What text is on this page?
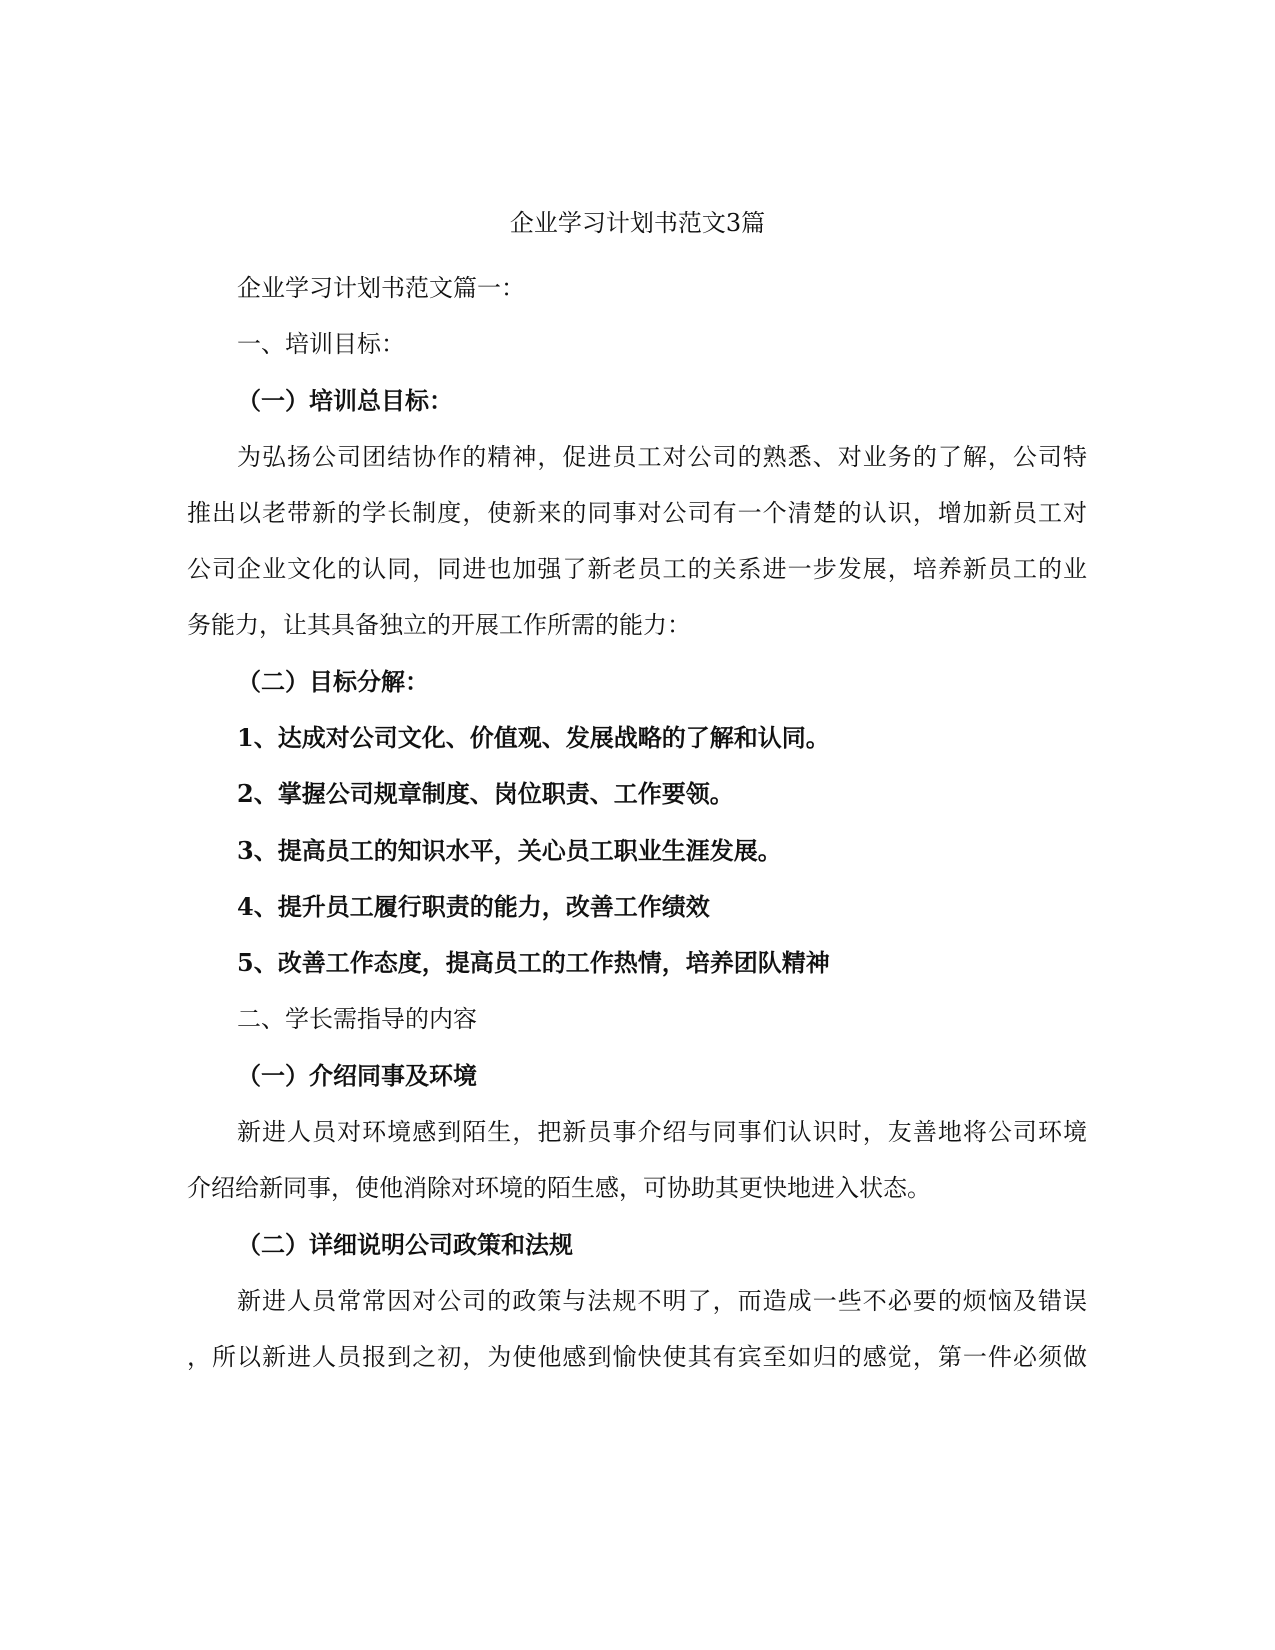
企业学习计划书范文3篇

企业学习计划书范文篇一：

一、培训目标：

（一）培训总目标：

为弘扬公司团结协作的精神，促进员工对公司的熟悉、对业务的了解，公司特

推出以老带新的学长制度，使新来的同事对公司有一个清楚的认识，增加新员工对

公司企业文化的认同，同进也加强了新老员工的关系进一步发展，培养新员工的业

务能力，让其具备独立的开展工作所需的能力：

（二）目标分解：

1、达成对公司文化、价值观、发展战略的了解和认同。

2、掌握公司规章制度、岗位职责、工作要领。

3、提高员工的知识水平，关心员工职业生涯发展。

4、提升员工履行职责的能力，改善工作绩效

5、改善工作态度，提高员工的工作热情，培养团队精神

二、学长需指导的内容

（一）介绍同事及环境

新进人员对环境感到陌生，把新员事介绍与同事们认识时，友善地将公司环境

介绍给新同事，使他消除对环境的陌生感，可协助其更快地进入状态。

（二）详细说明公司政策和法规

新进人员常常因对公司的政策与法规不明了，而造成一些不必要的烦恼及错误

，所以新进人员报到之初，为使他感到愉快使其有宾至如归的感觉，第一件必须做
